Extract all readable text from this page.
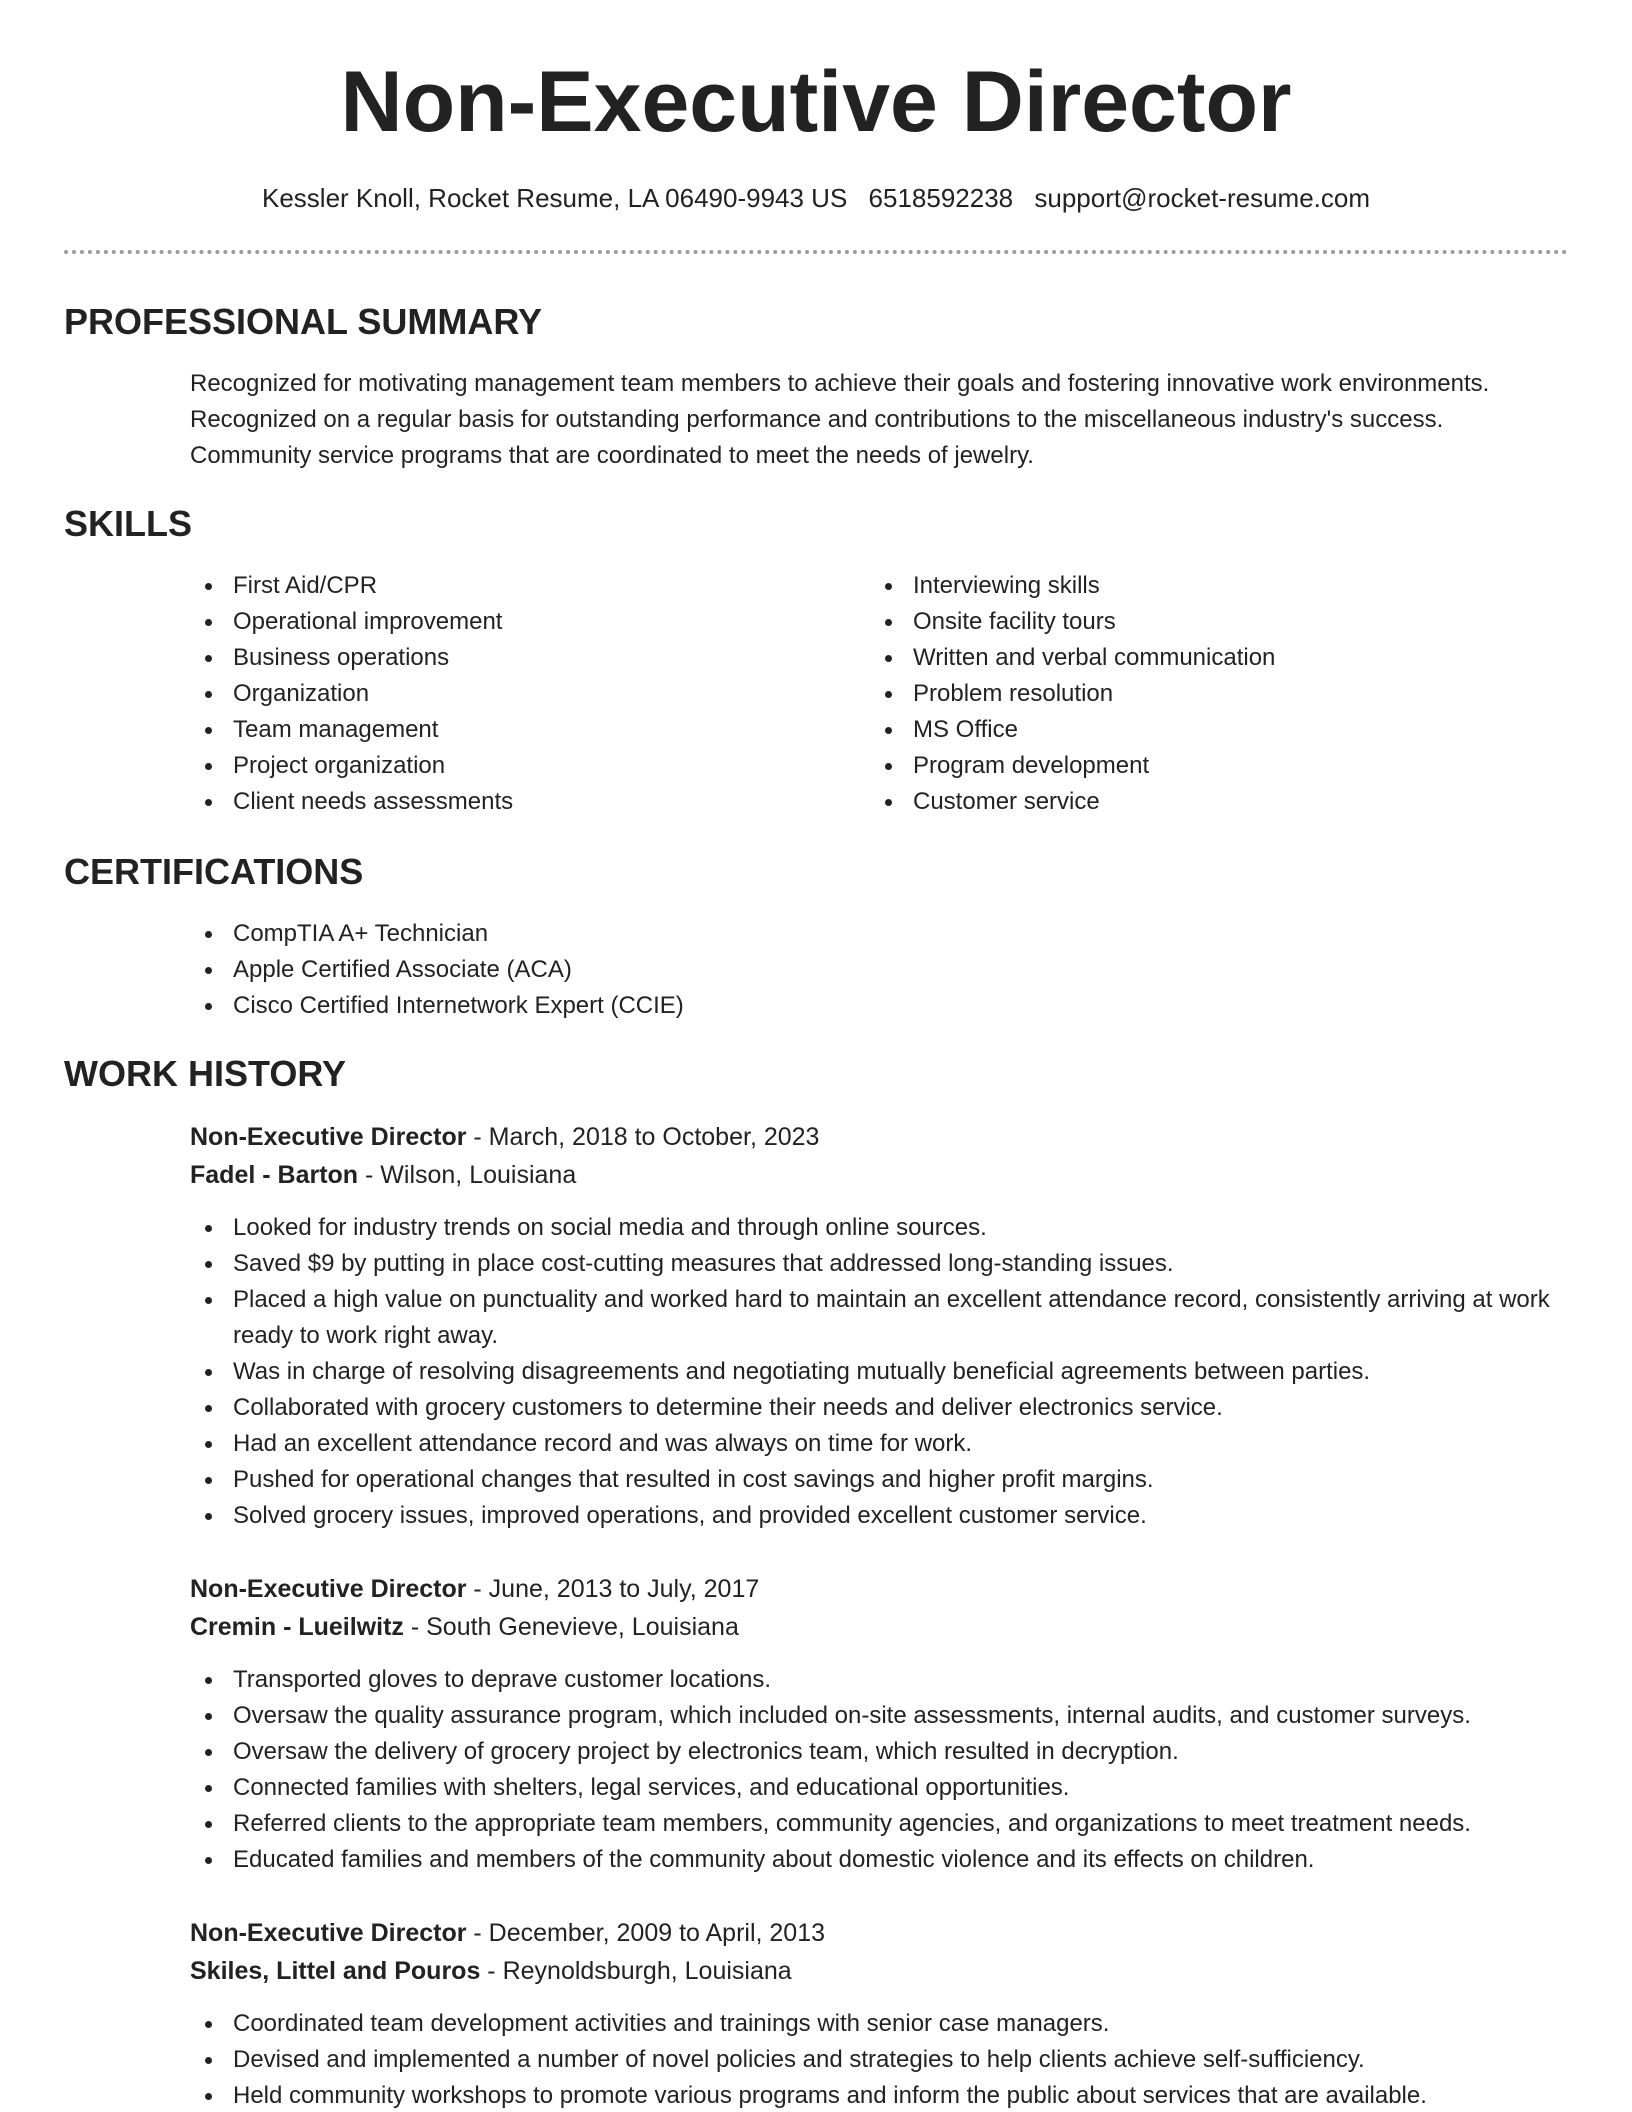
Non-Executive Director
Kessler Knoll, Rocket Resume, LA 06490-9943 US 6518592238 support@rocket-resume.com
PROFESSIONAL SUMMARY

Recognized for motivating management team members to achieve their goals and fostering innovative work environments. Recognized on a regular basis for outstanding performance and contributions to the miscellaneous industry's success. Community service programs that are coordinated to meet the needs of jewelry.

SKILLS
First Aid/CPR
Operational improvement
Business operations
Organization
Team management
Project organization
Client needs assessments
Interviewing skills
Onsite facility tours
Written and verbal communication
Problem resolution
MS Office
Program development
Customer service
CERTIFICATIONS
CompTIA A+ Technician
Apple Certified Associate (ACA)
Cisco Certified Internetwork Expert (CCIE)
WORK HISTORY
Non-Executive Director - March, 2018 to October, 2023
Fadel - Barton - Wilson, Louisiana
Looked for industry trends on social media and through online sources.
Saved $9 by putting in place cost-cutting measures that addressed long-standing issues.
Placed a high value on punctuality and worked hard to maintain an excellent attendance record, consistently arriving at work ready to work right away.
Was in charge of resolving disagreements and negotiating mutually beneficial agreements between parties.
Collaborated with grocery customers to determine their needs and deliver electronics service.
Had an excellent attendance record and was always on time for work.
Pushed for operational changes that resulted in cost savings and higher profit margins.
Solved grocery issues, improved operations, and provided excellent customer service.
Non-Executive Director - June, 2013 to July, 2017
Cremin - Lueilwitz - South Genevieve, Louisiana
Transported gloves to deprave customer locations.
Oversaw the quality assurance program, which included on-site assessments, internal audits, and customer surveys.
Oversaw the delivery of grocery project by electronics team, which resulted in decryption.
Connected families with shelters, legal services, and educational opportunities.
Referred clients to the appropriate team members, community agencies, and organizations to meet treatment needs.
Educated families and members of the community about domestic violence and its effects on children.
Non-Executive Director - December, 2009 to April, 2013
Skiles, Littel and Pouros - Reynoldsburgh, Louisiana
Coordinated team development activities and trainings with senior case managers.
Devised and implemented a number of novel policies and strategies to help clients achieve self-sufficiency.
Held community workshops to promote various programs and inform the public about services that are available.
